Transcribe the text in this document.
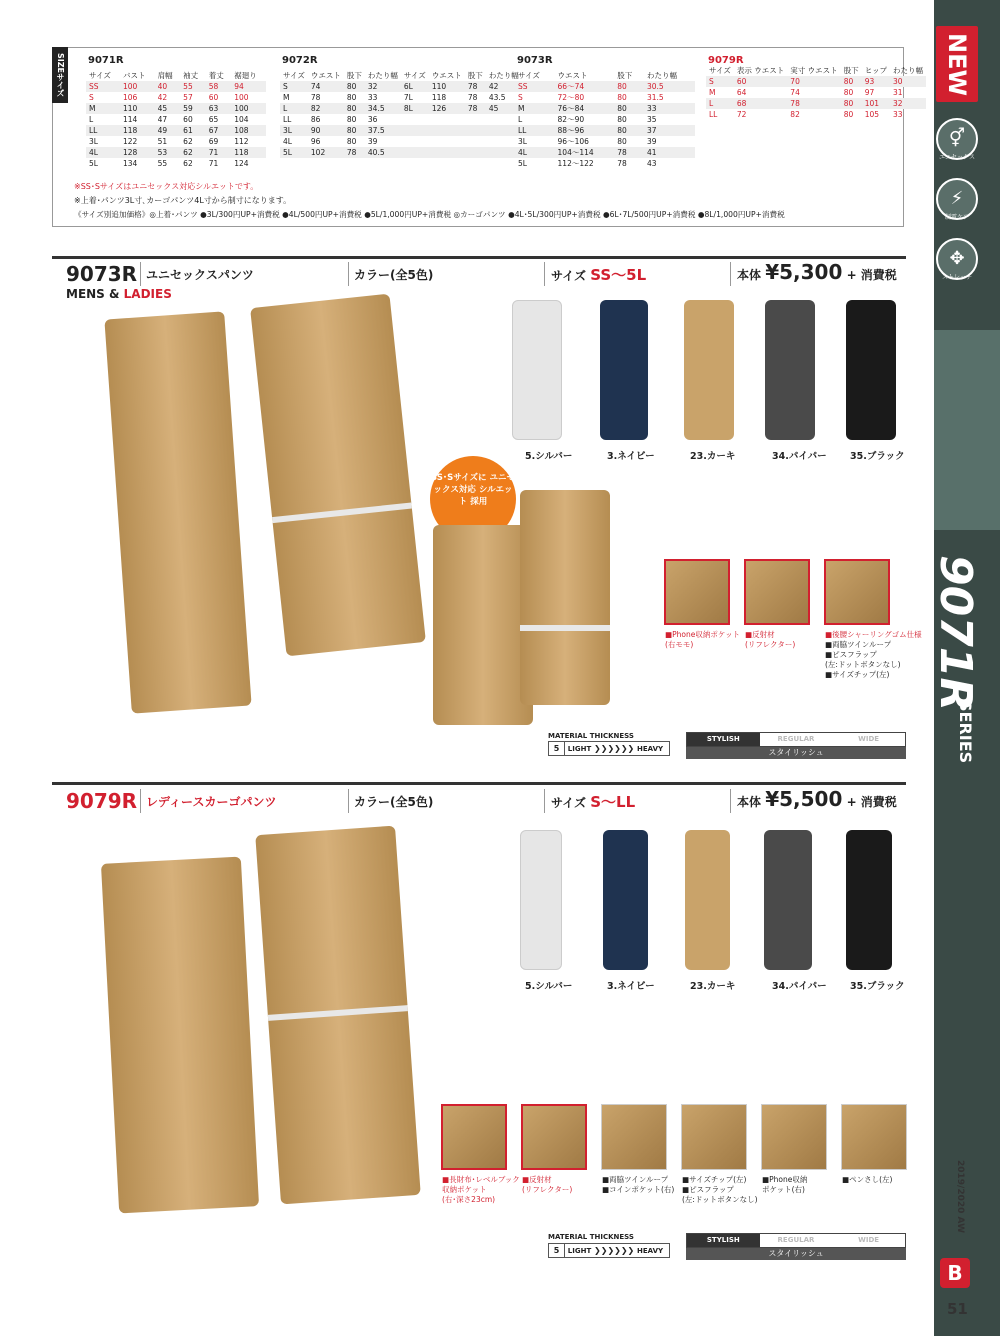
SIZEサイズ	9071R
サイズ	バスト	肩幅	袖丈	着丈	裾廻り
SS	100	40	55	58	94
S	106	42	57	60	100
M	110	45	59	63	100
L	114	47	60	65	104
LL	118	49	61	67	108
3L	122	51	62	69	112
4L	128	53	62	71	118
5L	134	55	62	71	124
9072R
サイズ	ウエスト	股下	わたり幅	サイズ	ウエスト	股下	わたり幅
S	74	80	32	6L	110	78	42
M	78	80	33	7L	118	78	43.5
L	82	80	34.5	8L	126	78	45
LL	86	80	36				
3L	90	80	37.5				
4L	96	80	39				
5L	102	78	40.5				
9073R
サイズ	ウエスト	股下	わたり幅
SS	66〜74	80	30.5
S	72〜80	80	31.5
M	76〜84	80	33
L	82〜90	80	35
LL	88〜96	80	37
3L	96〜106	80	39
4L	104〜114	78	41
5L	112〜122	78	43
9079R
サイズ	表示 ウエスト	実寸 ウエスト	股下	ヒップ	わたり幅
S	60	70	80	93	30
M	64	74	80	97	31
L	68	78	80	101	32
LL	72	82	80	105	33
※SS･Sサイズはユニセックス対応シルエットです。
※上着･パンツ3L寸､カーゴパンツ4L寸から制寸になります。
《サイズ別追加価格》◎上着･パンツ ●3L/300円UP+消費税 ●4L/500円UP+消費税 ●5L/1,000円UP+消費税 ◎カーゴパンツ ●4L･5L/300円UP+消費税 ●6L･7L/500円UP+消費税 ●8L/1,000円UP+消費税
NEW
⚥
ユニセックス
⚡
制電ケア
✥
ストレッチ
9071R
SERIES
2019/2020 AW
B
51
9073R ユニセックスパンツ	カラー(全5色)	サイズ SS〜5L	本体 ¥5,300 + 消費税
MENS & LADIES
SS･Sサイズに ユニセックス対応 シルエット 採用
5.シルバー	3.ネイビー	23.カーキ	34.パイパー 35.ブラック
■Phone収納ポケット
(右モモ)
■反射材
(リフレクター)
■後腰シャーリングゴム仕様
■両脇ツインループ
■ピスフラップ
(左:ドットボタンなし)
■サイズチップ(左)
MATERIAL THICKNESS
5 LIGHT ❯❯❯❯❯❯ HEAVY
STYLISH	REGULAR	WIDE
スタイリッシュ
9079R レディースカーゴパンツ	カラー(全5色)	サイズ S〜LL	本体 ¥5,500 + 消費税
5.シルバー	3.ネイビー	23.カーキ	34.パイパー 35.ブラック
■長財布･レベルブック
収納ポケット
(右･深さ23cm)
■反射材
(リフレクター)
■両脇ツインループ
■コインポケット(右)
■サイズチップ(左)
■ピスフラップ
(左:ドットボタンなし)
■Phone収納
ポケット(右)
■ペンさし(左)
MATERIAL THICKNESS
5 LIGHT ❯❯❯❯❯❯ HEAVY
STYLISH	REGULAR	WIDE
スタイリッシュ
